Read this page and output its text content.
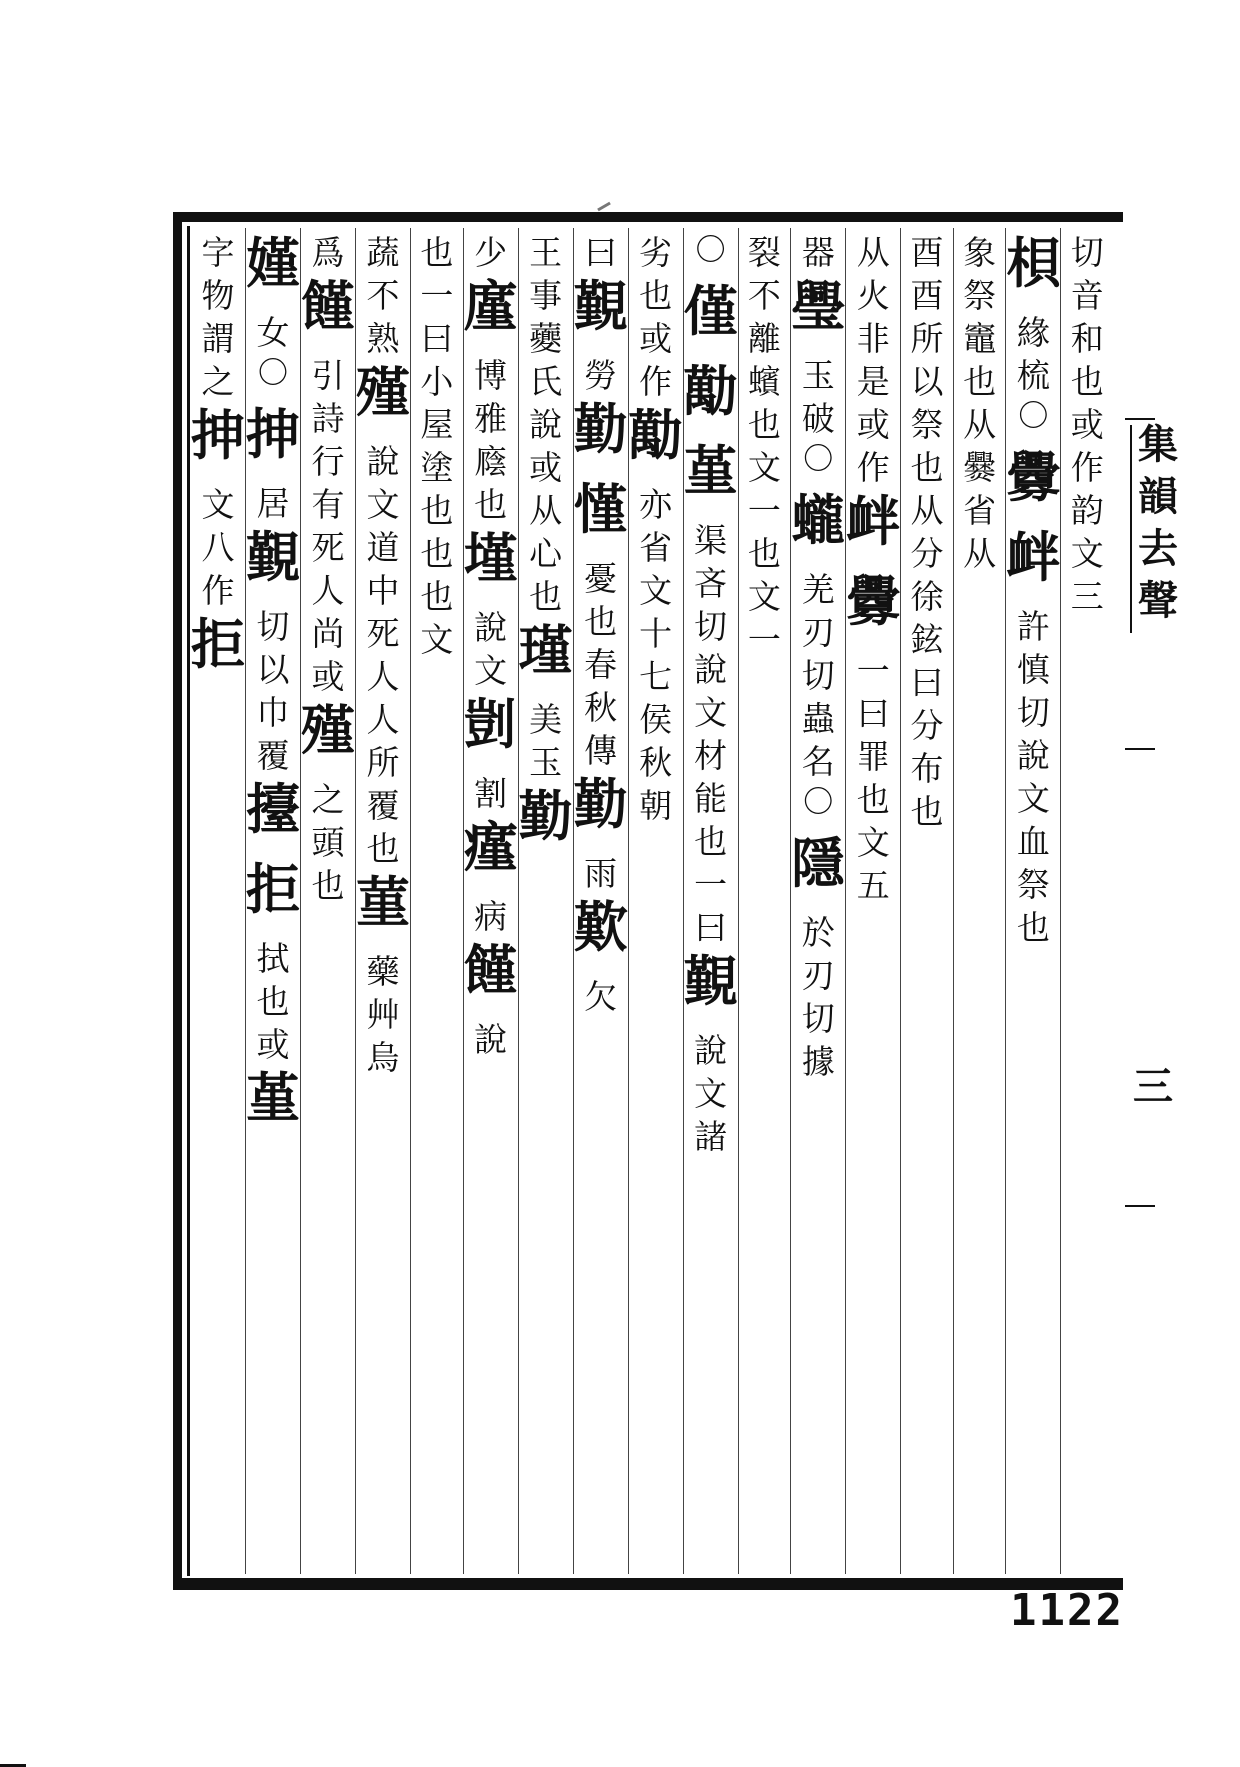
切
音
和
也
或
作
韵
文
三
梖
緣
梳
〇
釁
衅
許
慎
切
說
文
血
祭
也
象
祭
竈
也
从
爨
省
从
酉
酉
所
以
祭
也
从
分
徐
鉉
曰
分
布
也
从
火
非
是
或
作
衅
釁
一
曰
罪
也
文
五
器
璺
玉
破
〇
蠬
羌
刃
切
蟲
名
〇
隱
於
刃
切
據
裂
不
離
蠙
也
文
一
也
文
一
〇
僅
勱
堇
渠
吝
切
說
文
材
能
也
一
曰
覲
說
文
諸
劣
也
或
作
勱
亦
省
文
十
七
侯
秋
朝
曰
覲
勞
勤
慬
憂
也
春
秋
傳
勤
雨
歎
欠
王
事
虁
氏
說
或
从
心
也
瑾
美
玉
勤
少
廑
博
雅
廕
也
墐
說
文
剴
割
瘽
病
饉
說
也
一
曰
小
屋
塗
也
也
也
文
蔬
不
熟
殣
說
文
道
中
死
人
人
所
覆
也
菫
藥
艸
烏
爲
饉
引
詩
行
有
死
人
尚
或
殣
之
頭
也
嫤
女
〇
抻
居
覲
切
以
巾
覆
擡
拒
拭
也
或
堇
字
物
謂
之
抻
文
八
作
拒
集
韻
去
聲
三
1122
